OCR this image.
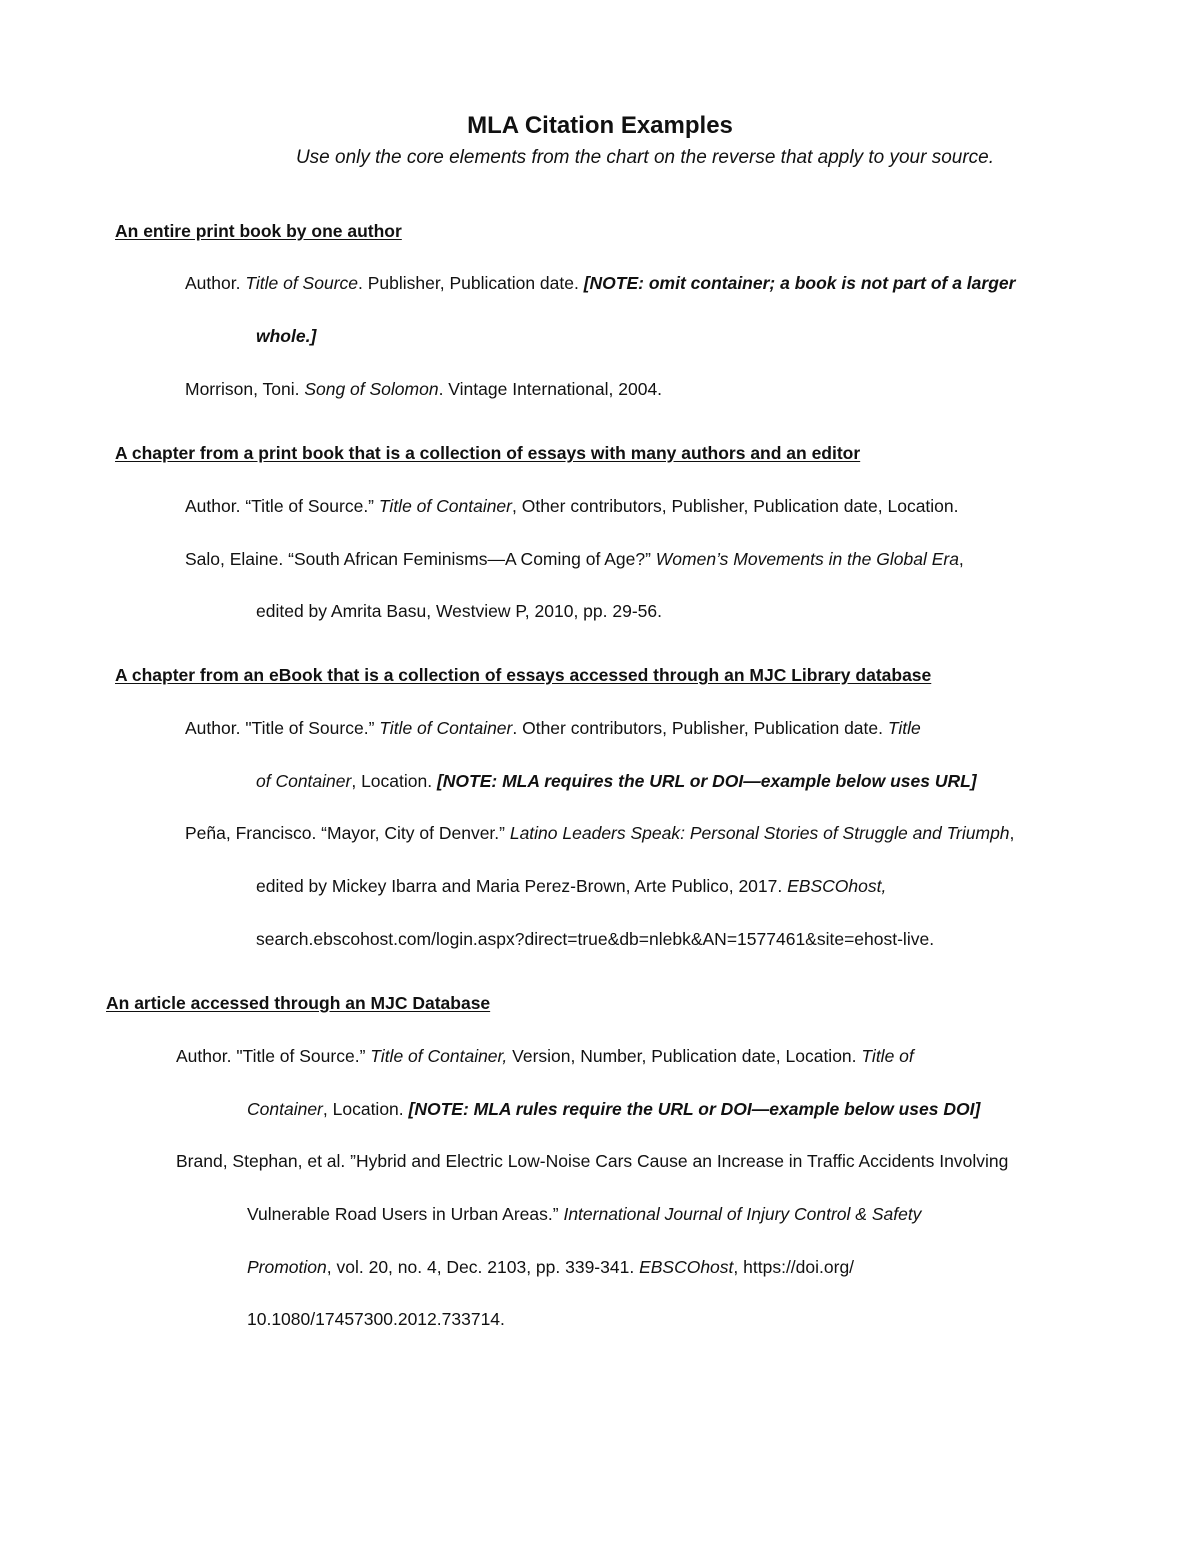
MLA Citation Examples
Use only the core elements from the chart on the reverse that apply to your source.
An entire print book by one author
Author. Title of Source. Publisher, Publication date. [NOTE: omit container; a book is not part of a larger
whole.]
Morrison, Toni. Song of Solomon. Vintage International, 2004.
A chapter from a print book that is a collection of essays with many authors and an editor
Author. “Title of Source.” Title of Container, Other contributors, Publisher, Publication date, Location.
Salo, Elaine. “South African Feminisms—A Coming of Age?” Women’s Movements in the Global Era,
edited by Amrita Basu, Westview P, 2010, pp. 29-56.
A chapter from an eBook that is a collection of essays accessed through an MJC Library database
Author. "Title of Source.” Title of Container. Other contributors, Publisher, Publication date. Title
of Container, Location. [NOTE: MLA requires the URL or DOI—example below uses URL]
Peña, Francisco. “Mayor, City of Denver.” Latino Leaders Speak: Personal Stories of Struggle and Triumph,
edited by Mickey Ibarra and Maria Perez-Brown, Arte Publico, 2017. EBSCOhost,
search.ebscohost.com/login.aspx?direct=true&db=nlebk&AN=1577461&site=ehost-live.
An article accessed through an MJC Database
Author. "Title of Source.” Title of Container, Version, Number, Publication date, Location. Title of
Container, Location. [NOTE: MLA rules require the URL or DOI—example below uses DOI]
Brand, Stephan, et al. ”Hybrid and Electric Low-Noise Cars Cause an Increase in Traffic Accidents Involving
Vulnerable Road Users in Urban Areas.” International Journal of Injury Control & Safety
Promotion, vol. 20, no. 4, Dec. 2103, pp. 339-341. EBSCOhost, https://doi.org/
10.1080/17457300.2012.733714.
